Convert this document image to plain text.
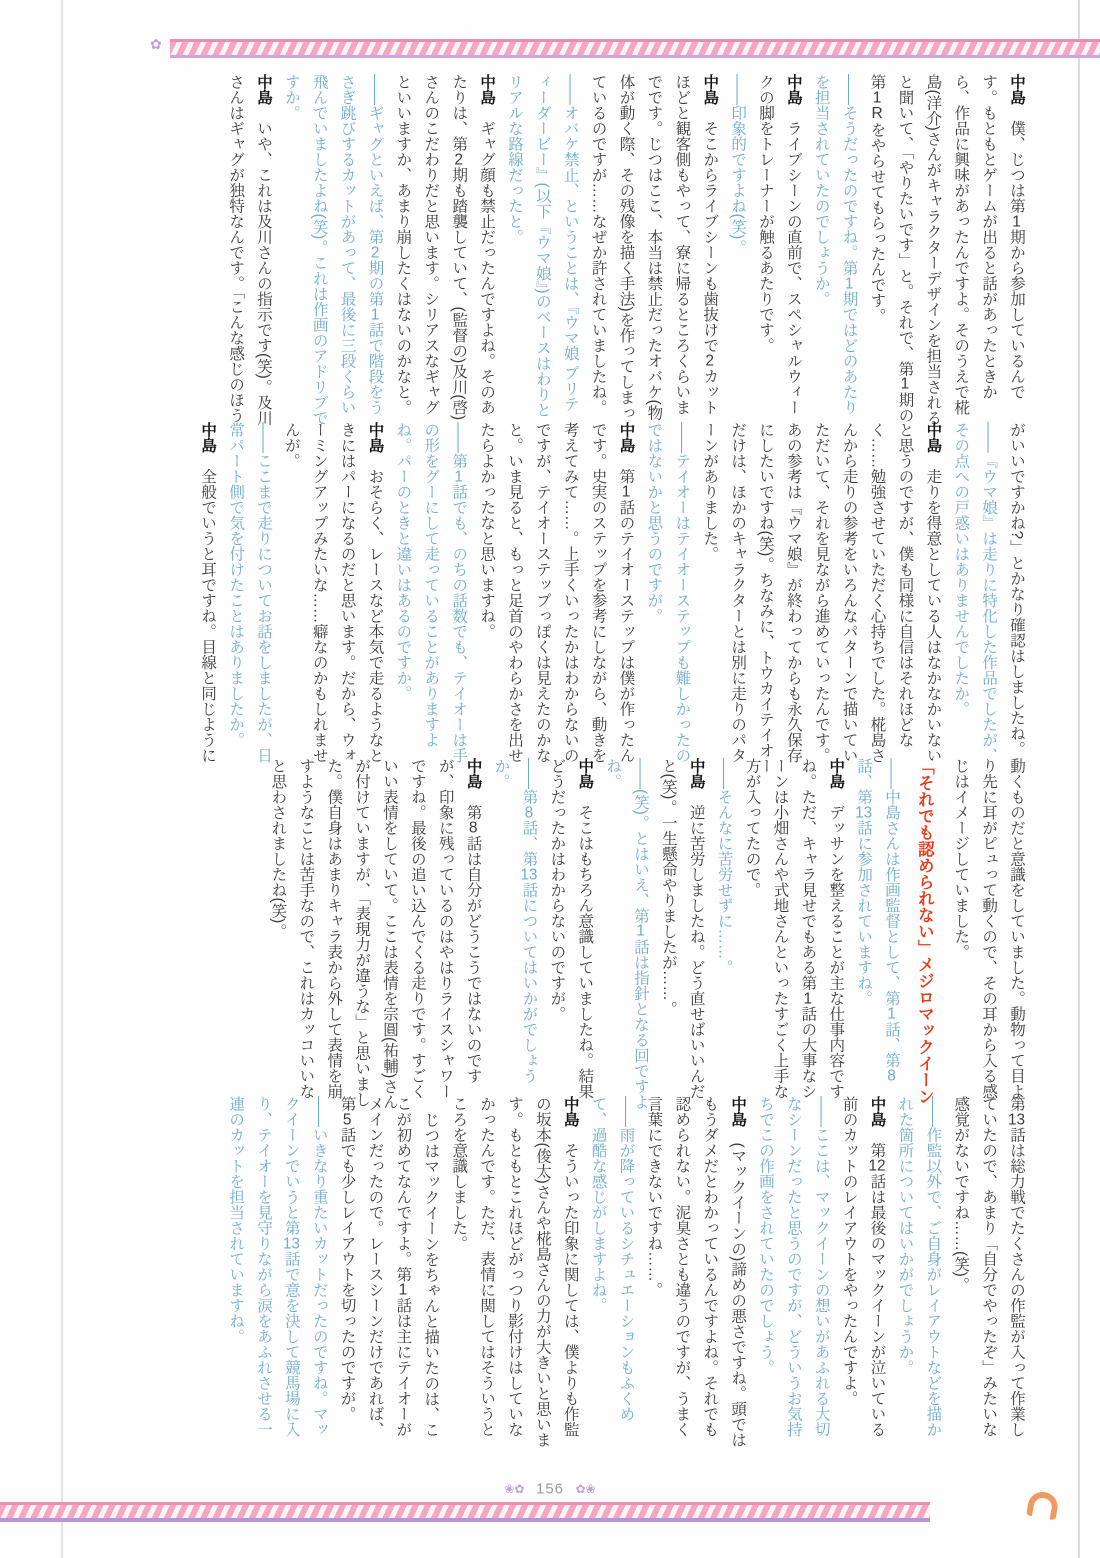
✿

中島　僕、じつは第1期から参加しているんです。もともとゲームが出ると話があったときから、作品に興味があったんですよ。そのうえで椛島(洋介)さんがキャラクターデザインを担当されると聞いて、「やりたいです」と。それで、第1期の第1Rをやらせてもらったんです。

——そうだったのですね。第1期ではどのあたりを担当されていたのでしょうか。

中島　ライブシーンの直前で、スペシャルウィークの脚をトレーナーが触るあたりです。

——印象的ですよね(笑)。

中島　そこからライブシーンも歯抜けで2カットほどと観客側もやって、寮に帰るところくらいまでです。じつはここ、本当は禁止だったオバケ(物体が動く際、その残像を描く手法)を作ってしまっているのですが……なぜか許されていましたね。

——オバケ禁止、ということは、『ウマ娘 プリティーダービー』(以下『ウマ娘』)のベースはわりとリアルな路線だったと。

中島　ギャグ顔も禁止だったんですよね。そのあたりは、第2期も踏襲していて、(監督の)及川(啓)さんのこだわりだと思います。シリアスなギャグといいますか、あまり崩したくはないのかなと。

——ギャグといえば、第2期の第1話で階段をうさぎ跳びするカットがあって、最後に三段くらい飛んでいましたよね(笑)。これは作画のアドリブですか。

中島　いや、これは及川さんの指示です(笑)。及川さんはギャグが独特なんです。「こんな感じのほう

がいいですかね?」とかなり確認はしましたね。

——『ウマ娘』は走りに特化した作品でしたが、その点への戸惑いはありませんでしたか。

中島　走りを得意としている人はなかなかいないと思うのですが、僕も同様に自信はそれほどなく……勉強させていただく心持ちでした。椛島さんから走りの参考をいろんなパターンで描いていただいて、それを見ながら進めていったんです。あの参考は『ウマ娘』が終わってからも永久保存にしたいですね(笑)。ちなみに、トウカイテイオーだけは、ほかのキャラクターとは別に走りのパターンがありました。

——テイオーはテイオーステップも難しかったのではないかと思うのですが。

中島　第1話のテイオーステップは僕が作ったんです。史実のステップを参考にしながら、動きを考えてみて……。上手くいったかはわからないのですが、テイオーステップっぽくは見えたのかなと。いま見ると、もっと足首のやわらかさを出せたらよかったなと思いますね。

——第1話でも、のちの話数でも、テイオーは手の形をグーにして走っていることがありますよね。パーのときと違いはあるのですか。

中島　おそらく、レースなど本気で走るようなときにはパーになるのだと思います。だから、ウォーミングアップみたいな……癖なのかもしれませんが。

——ここまで走りについてお話をしましたが、日常パート側で気を付けたことはありましたか。

中島　全般でいうと耳ですね。目線と同じように

動くものだと意識をしていました。動物って目より先に耳がピュって動くので、その耳から入る感じはイメージしていました。

「それでも認められない」メジロマックイーン

——中島さんは作画監督として、第1話、第8話、第13話に参加されていますね。

中島　デッサンを整えることが主な仕事内容ですね。ただ、キャラ見せでもある第1話の大事なシーンは小畑さんや式地さんといったすごく上手な方が入ってたので。

——そんなに苦労せずに……。

中島　逆に苦労しましたね。どう直せばいいんだと(笑)。一生懸命やりましたが……。

——(笑)。とはいえ、第1話は指針となる回ですよね。

中島　そこはもちろん意識していましたね。結果どうだったかはわからないのですが。

——第8話、第13話についてはいかがでしょうか。

中島　第8話は自分がどうこうではないのですが、印象に残っているのはやはりライスシャワーですね。最後の追い込んでくる走りです。すごくいい表情をしていて。ここは表情を宗圓(祐輔)さんが付けていますが、「表現力が違うな」と思いました。僕自身はあまりキャラ表から外して表情を崩すようなことは苦手なので、これはカッコいいなと思わされましたね(笑)。

第13話は総力戦でたくさんの作監が入って作業していたので、あまり「自分でやったぞ」みたいな感覚がないですね……(笑)。

——作監以外で、ご自身がレイアウトなどを描かれた箇所についてはいかがでしょうか。

中島　第12話は最後のマックイーンが泣いている前のカットのレイアウトをやったんですよ。

——ここは、マックイーンの想いがあふれる大切なシーンだったと思うのですが、どういうお気持ちでこの作画をされていたのでしょう。

中島　(マックイーンの)諦めの悪さですね。頭ではもうダメだとわかっているんですよね。それでも認められない。泥臭さとも違うのですが、うまく言葉にできないですね……。

——雨が降っているシチュエーションもふくめて、過酷な感じがしますよね。

中島　そういった印象に関しては、僕よりも作監の坂本(俊太)さんや椛島さんの力が大きいと思います。もともとこれほどがっつり影付けはしていなかったんです。ただ、表情に関してはそういうところを意識しました。

じつはマックイーンをちゃんと描いたのは、ここが初めてなんですよ。第1話は主にテイオーがメインだったので。レースシーンだけであれば、第5話でも少しレイアウトを切ったのですが。

——いきなり重たいカットだったのですね。マックイーンでいうと第13話で意を決して競馬場に入り、テイオーを見守りながら涙をあふれさせる一連のカットを担当されていますね。

❀✿ 156 ✿❀
